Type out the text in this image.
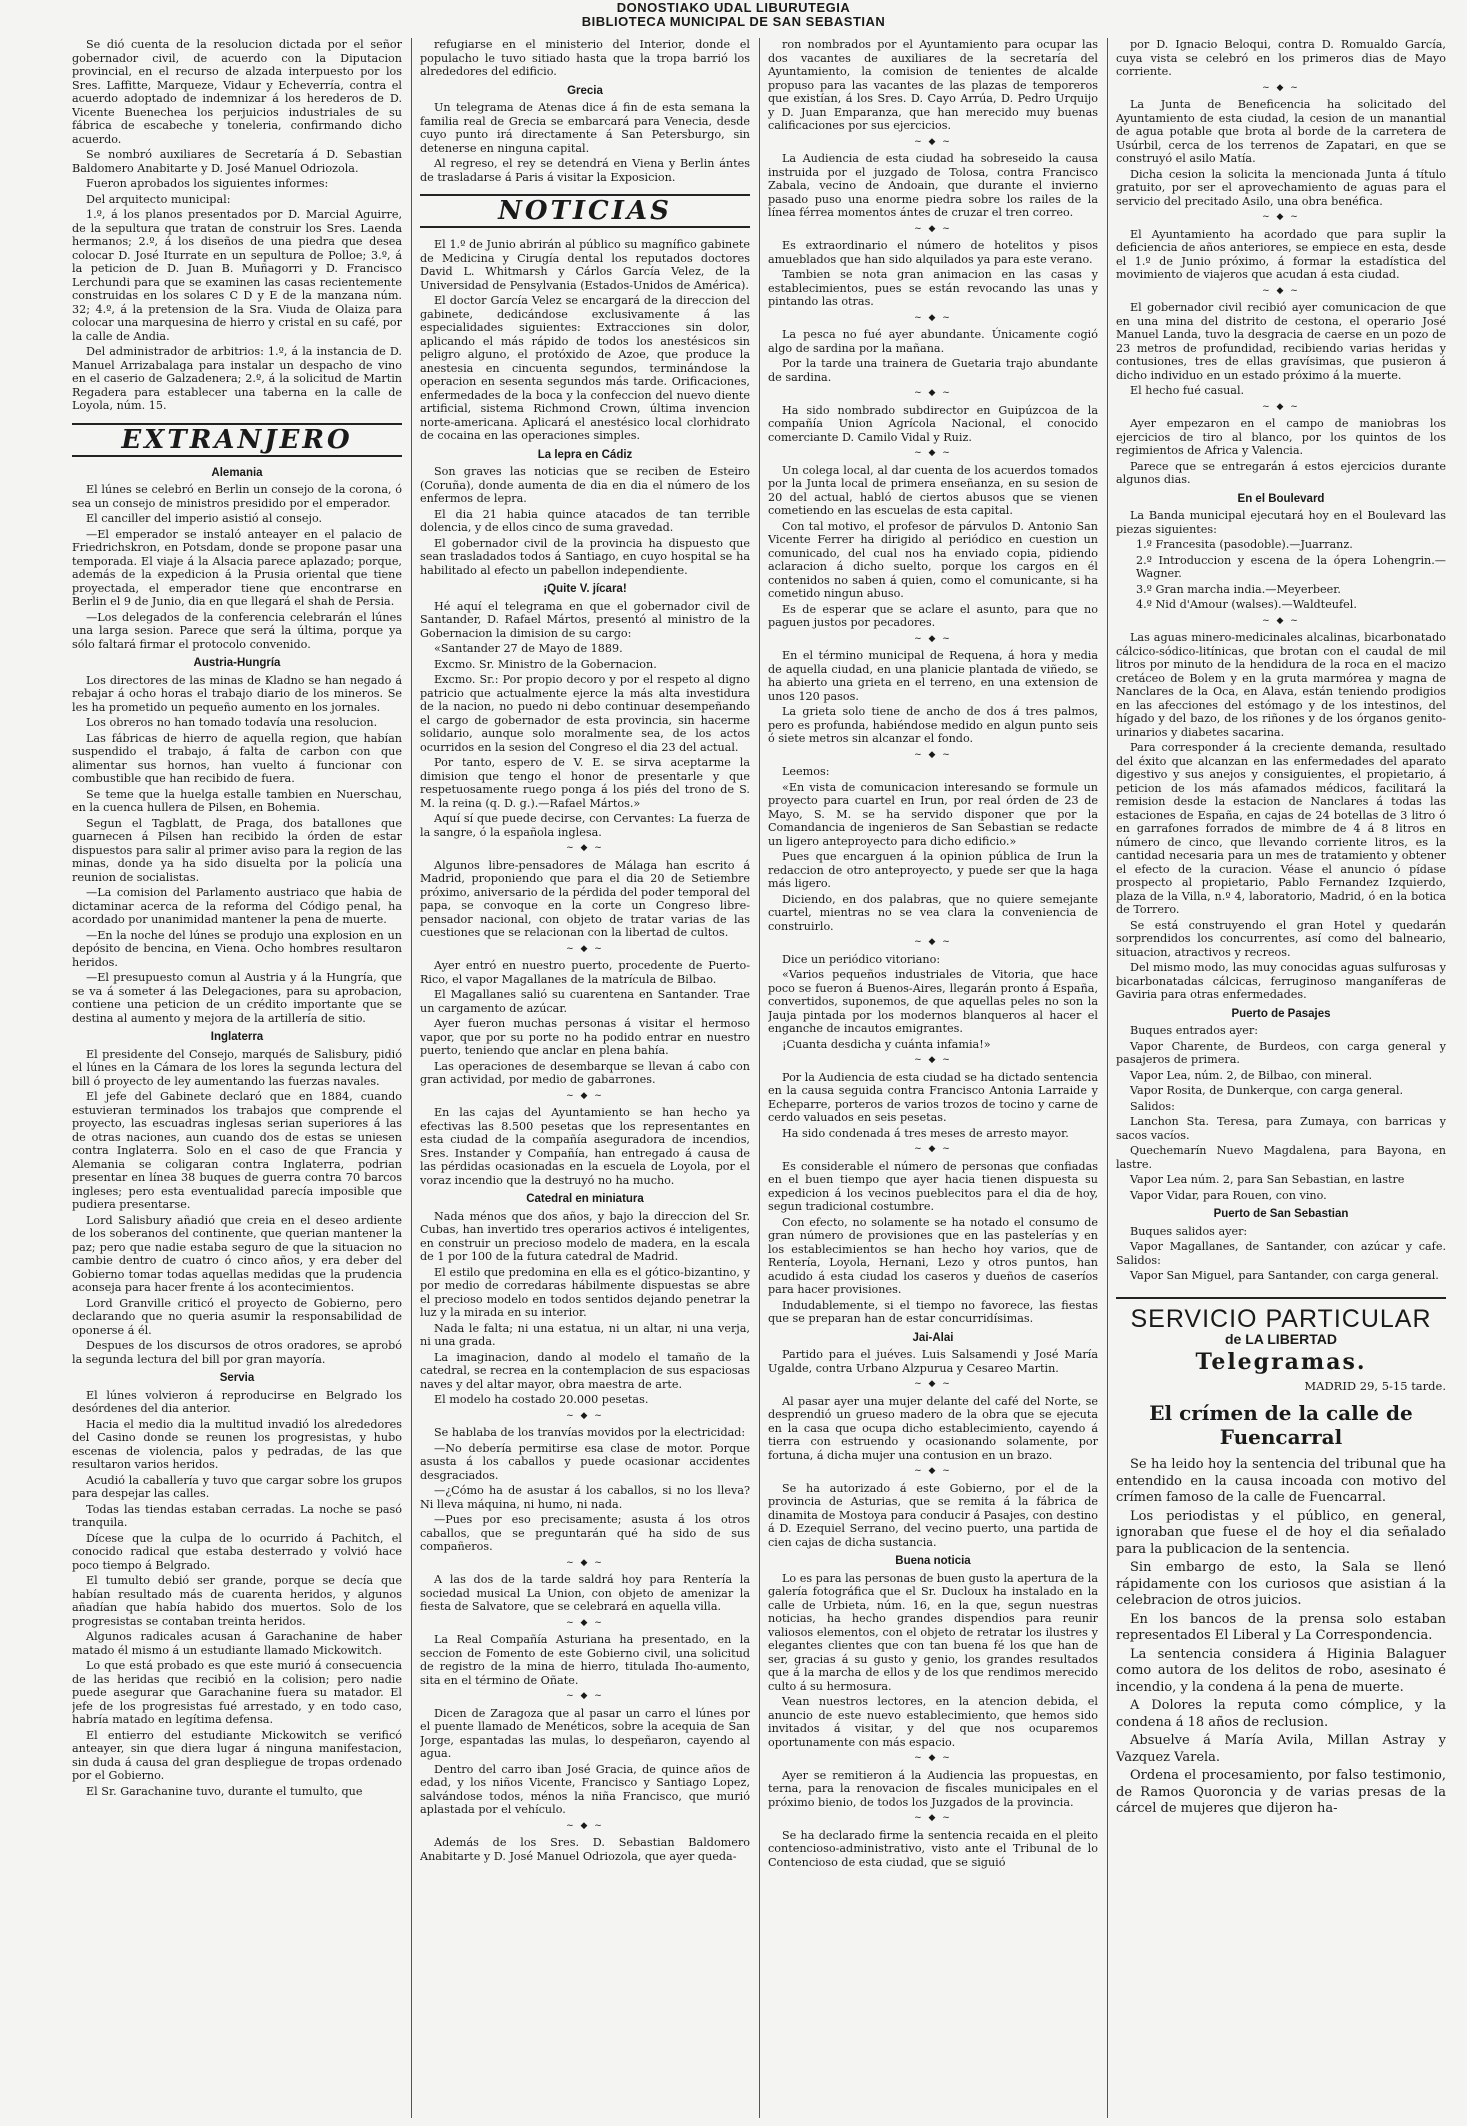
DONOSTIAKO UDAL LIBURUTEGIA
BIBLIOTECA MUNICIPAL DE SAN SEBASTIAN

Se dió cuenta de la resolucion dictada por el señor gobernador civil, de acuerdo con la Diputacion provincial, en el recurso de alzada interpuesto por los Sres. Laffitte, Marqueze, Vidaur y Echeverría, contra el acuerdo adoptado de indemnizar á los herederos de D. Vicente Buenechea los perjuicios industriales de su fábrica de escabeche y toneleria, confirmando dicho acuerdo.

Se nombró auxiliares de Secretaría á D. Sebastian Baldomero Anabitarte y D. José Manuel Odriozola.

Fueron aprobados los siguientes informes:

Del arquitecto municipal:

1.º, á los planos presentados por D. Marcial Aguirre, de la sepultura que tratan de construir los Sres. Laenda hermanos; 2.º, á los diseños de una piedra que desea colocar D. José Iturrate en un sepultura de Polloe; 3.º, á la peticion de D. Juan B. Muñagorri y D. Francisco Lerchundi para que se examinen las casas recientemente construidas en los solares C D y E de la manzana núm. 32; 4.º, á la pretension de la Sra. Viuda de Olaiza para colocar una marquesina de hierro y cristal en su café, por la calle de Andia.

Del administrador de arbitrios: 1.º, á la instancia de D. Manuel Arrizabalaga para instalar un despacho de vino en el caserio de Galzadenera; 2.º, á la solicitud de Martin Regadera para establecer una taberna en la calle de Loyola, núm. 15.

EXTRANJERO
Alemania

El lúnes se celebró en Berlin un consejo de la corona, ó sea un consejo de ministros presidido por el emperador.

El canciller del imperio asistió al consejo.

—El emperador se instaló anteayer en el palacio de Friedrichskron, en Potsdam, donde se propone pasar una temporada. El viaje á la Alsacia parece aplazado; porque, además de la expedicion á la Prusia oriental que tiene proyectada, el emperador tiene que encontrarse en Berlin el 9 de Junio, dia en que llegará el shah de Persia.

—Los delegados de la conferencia celebrarán el lúnes una larga sesion. Parece que será la última, porque ya sólo faltará firmar el protocolo convenido.

Austria-Hungría

Los directores de las minas de Kladno se han negado á rebajar á ocho horas el trabajo diario de los mineros. Se les ha prometido un pequeño aumento en los jornales.

Los obreros no han tomado todavía una resolucion.

Las fábricas de hierro de aquella region, que habían suspendido el trabajo, á falta de carbon con que alimentar sus hornos, han vuelto á funcionar con combustible que han recibido de fuera.

Se teme que la huelga estalle tambien en Nuerschau, en la cuenca hullera de Pilsen, en Bohemia.

Segun el Tagblatt, de Praga, dos batallones que guarnecen á Pilsen han recibido la órden de estar dispuestos para salir al primer aviso para la region de las minas, donde ya ha sido disuelta por la policía una reunion de socialistas.

—La comision del Parlamento austriaco que habia de dictaminar acerca de la reforma del Código penal, ha acordado por unanimidad mantener la pena de muerte.

—En la noche del lúnes se produjo una explosion en un depósito de bencina, en Viena. Ocho hombres resultaron heridos.

—El presupuesto comun al Austria y á la Hungría, que se va á someter á las Delegaciones, para su aprobacion, contiene una peticion de un crédito importante que se destina al aumento y mejora de la artillería de sitio.

Inglaterra

El presidente del Consejo, marqués de Salisbury, pidió el lúnes en la Cámara de los lores la segunda lectura del bill ó proyecto de ley aumentando las fuerzas navales.

El jefe del Gabinete declaró que en 1884, cuando estuvieran terminados los trabajos que comprende el proyecto, las escuadras inglesas serian superiores á las de otras naciones, aun cuando dos de estas se uniesen contra Inglaterra. Solo en el caso de que Francia y Alemania se coligaran contra Inglaterra, podrian presentar en línea 38 buques de guerra contra 70 barcos ingleses; pero esta eventualidad parecía imposible que pudiera presentarse.

Lord Salisbury añadió que creia en el deseo ardiente de los soberanos del continente, que querian mantener la paz; pero que nadie estaba seguro de que la situacion no cambie dentro de cuatro ó cinco años, y era deber del Gobierno tomar todas aquellas medidas que la prudencia aconseja para hacer frente á los acontecimientos.

Lord Granville criticó el proyecto de Gobierno, pero declarando que no queria asumir la responsabilidad de oponerse á él.

Despues de los discursos de otros oradores, se aprobó la segunda lectura del bill por gran mayoría.

Servia

El lúnes volvieron á reproducirse en Belgrado los desórdenes del dia anterior.

Hacia el medio dia la multitud invadió los alrededores del Casino donde se reunen los progresistas, y hubo escenas de violencia, palos y pedradas, de las que resultaron varios heridos.

Acudió la caballería y tuvo que cargar sobre los grupos para despejar las calles.

Todas las tiendas estaban cerradas. La noche se pasó tranquila.

Dícese que la culpa de lo ocurrido á Pachitch, el conocido radical que estaba desterrado y volvió hace poco tiempo á Belgrado.

El tumulto debió ser grande, porque se decía que habían resultado más de cuarenta heridos, y algunos añadían que había habido dos muertos. Solo de los progresistas se contaban treinta heridos.

Algunos radicales acusan á Garachanine de haber matado él mismo á un estudiante llamado Mickowitch.

Lo que está probado es que este murió á consecuencia de las heridas que recibió en la colision; pero nadie puede asegurar que Garachanine fuera su matador. El jefe de los progresistas fué arrestado, y en todo caso, habría matado en legítima defensa.

El entierro del estudiante Mickowitch se verificó anteayer, sin que diera lugar á ninguna manifestacion, sin duda á causa del gran despliegue de tropas ordenado por el Gobierno.

El Sr. Garachanine tuvo, durante el tumulto, que

refugiarse en el ministerio del Interior, donde el populacho le tuvo sitiado hasta que la tropa barrió los alrededores del edificio.

Grecia

Un telegrama de Atenas dice á fin de esta semana la familia real de Grecia se embarcará para Venecia, desde cuyo punto irá directamente á San Petersburgo, sin detenerse en ninguna capital.

Al regreso, el rey se detendrá en Viena y Berlin ántes de trasladarse á Paris á visitar la Exposicion.

NOTICIAS

El 1.º de Junio abrirán al público su magnífico gabinete de Medicina y Cirugía dental los reputados doctores David L. Whitmarsh y Cárlos García Velez, de la Universidad de Pensylvania (Estados-Unidos de América).

El doctor García Velez se encargará de la direccion del gabinete, dedicándose exclusivamente á las especialidades siguientes: Extracciones sin dolor, aplicando el más rápido de todos los anestésicos sin peligro alguno, el protóxido de Azoe, que produce la anestesia en cincuenta segundos, terminándose la operacion en sesenta segundos más tarde. Orificaciones, enfermedades de la boca y la confeccion del nuevo diente artificial, sistema Richmond Crown, última invencion norte-americana. Aplicará el anestésico local clorhidrato de cocaina en las operaciones simples.

La lepra en Cádiz

Son graves las noticias que se reciben de Esteiro (Coruña), donde aumenta de dia en dia el número de los enfermos de lepra.

El dia 21 habia quince atacados de tan terrible dolencia, y de ellos cinco de suma gravedad.

El gobernador civil de la provincia ha dispuesto que sean trasladados todos á Santiago, en cuyo hospital se ha habilitado al efecto un pabellon independiente.

¡Quite V. jícara!

Hé aquí el telegrama en que el gobernador civil de Santander, D. Rafael Mártos, presentó al ministro de la Gobernacion la dimision de su cargo:

«Santander 27 de Mayo de 1889.

Excmo. Sr. Ministro de la Gobernacion.

Excmo. Sr.: Por propio decoro y por el respeto al digno patricio que actualmente ejerce la más alta investidura de la nacion, no puedo ni debo continuar desempeñando el cargo de gobernador de esta provincia, sin hacerme solidario, aunque solo moralmente sea, de los actos ocurridos en la sesion del Congreso el dia 23 del actual.

Por tanto, espero de V. E. se sirva aceptarme la dimision que tengo el honor de presentarle y que respetuosamente ruego ponga á los piés del trono de S. M. la reina (q. D. g.).—Rafael Mártos.»

Aquí sí que puede decirse, con Cervantes: La fuerza de la sangre, ó la española inglesa.

~ ◆ ~

Algunos libre-pensadores de Málaga han escrito á Madrid, proponiendo que para el dia 20 de Setiembre próximo, aniversario de la pérdida del poder temporal del papa, se convoque en la corte un Congreso libre-pensador nacional, con objeto de tratar varias de las cuestiones que se relacionan con la libertad de cultos.

~ ◆ ~

Ayer entró en nuestro puerto, procedente de Puerto-Rico, el vapor Magallanes de la matrícula de Bilbao.

El Magallanes salió su cuarentena en Santander. Trae un cargamento de azúcar.

Ayer fueron muchas personas á visitar el hermoso vapor, que por su porte no ha podido entrar en nuestro puerto, teniendo que anclar en plena bahía.

Las operaciones de desembarque se llevan á cabo con gran actividad, por medio de gabarrones.

~ ◆ ~

En las cajas del Ayuntamiento se han hecho ya efectivas las 8.500 pesetas que los representantes en esta ciudad de la compañía aseguradora de incendios, Sres. Instander y Compañía, han entregado á causa de las pérdidas ocasionadas en la escuela de Loyola, por el voraz incendio que la destruyó no ha mucho.

Catedral en miniatura

Nada ménos que dos años, y bajo la direccion del Sr. Cubas, han invertido tres operarios activos é inteligentes, en construir un precioso modelo de madera, en la escala de 1 por 100 de la futura catedral de Madrid.

El estilo que predomina en ella es el gótico-bizantino, y por medio de corredaras hábilmente dispuestas se abre el precioso modelo en todos sentidos dejando penetrar la luz y la mirada en su interior.

Nada le falta; ni una estatua, ni un altar, ni una verja, ni una grada.

La imaginacion, dando al modelo el tamaño de la catedral, se recrea en la contemplacion de sus espaciosas naves y del altar mayor, obra maestra de arte.

El modelo ha costado 20.000 pesetas.

~ ◆ ~

Se hablaba de los tranvías movidos por la electricidad:

—No debería permitirse esa clase de motor. Porque asusta á los caballos y puede ocasionar accidentes desgraciados.

—¿Cómo ha de asustar á los caballos, si no los lleva? Ni lleva máquina, ni humo, ni nada.

—Pues por eso precisamente; asusta á los otros caballos, que se preguntarán qué ha sido de sus compañeros.

~ ◆ ~

A las dos de la tarde saldrá hoy para Rentería la sociedad musical La Union, con objeto de amenizar la fiesta de Salvatore, que se celebrará en aquella villa.

~ ◆ ~

La Real Compañía Asturiana ha presentado, en la seccion de Fomento de este Gobierno civil, una solicitud de registro de la mina de hierro, titulada Iho-aumento, sita en el término de Oñate.

~ ◆ ~

Dicen de Zaragoza que al pasar un carro el lúnes por el puente llamado de Menéticos, sobre la acequia de San Jorge, espantadas las mulas, lo despeñaron, cayendo al agua.

Dentro del carro iban José Gracia, de quince años de edad, y los niños Vicente, Francisco y Santiago Lopez, salvándose todos, ménos la niña Francisco, que murió aplastada por el vehículo.

~ ◆ ~

Además de los Sres. D. Sebastian Baldomero Anabitarte y D. José Manuel Odriozola, que ayer queda-

ron nombrados por el Ayuntamiento para ocupar las dos vacantes de auxiliares de la secretaría del Ayuntamiento, la comision de tenientes de alcalde propuso para las vacantes de las plazas de temporeros que existían, á los Sres. D. Cayo Arrúa, D. Pedro Urquijo y D. Juan Emparanza, que han merecido muy buenas calificaciones por sus ejercicios.

~ ◆ ~

La Audiencia de esta ciudad ha sobreseido la causa instruida por el juzgado de Tolosa, contra Francisco Zabala, vecino de Andoain, que durante el invierno pasado puso una enorme piedra sobre los railes de la línea férrea momentos ántes de cruzar el tren correo.

~ ◆ ~

Es extraordinario el número de hotelitos y pisos amueblados que han sido alquilados ya para este verano.

Tambien se nota gran animacion en las casas y establecimientos, pues se están revocando las unas y pintando las otras.

~ ◆ ~

La pesca no fué ayer abundante. Únicamente cogió algo de sardina por la mañana.

Por la tarde una trainera de Guetaria trajo abundante de sardina.

~ ◆ ~

Ha sido nombrado subdirector en Guipúzcoa de la compañía Union Agrícola Nacional, el conocido comerciante D. Camilo Vidal y Ruiz.

~ ◆ ~

Un colega local, al dar cuenta de los acuerdos tomados por la Junta local de primera enseñanza, en su sesion de 20 del actual, habló de ciertos abusos que se vienen cometiendo en las escuelas de esta capital.

Con tal motivo, el profesor de párvulos D. Antonio San Vicente Ferrer ha dirigido al periódico en cuestion un comunicado, del cual nos ha enviado copia, pidiendo aclaracion á dicho suelto, porque los cargos en él contenidos no saben á quien, como el comunicante, si ha cometido ningun abuso.

Es de esperar que se aclare el asunto, para que no paguen justos por pecadores.

~ ◆ ~

En el término municipal de Requena, á hora y media de aquella ciudad, en una planicie plantada de viñedo, se ha abierto una grieta en el terreno, en una extension de unos 120 pasos.

La grieta solo tiene de ancho de dos á tres palmos, pero es profunda, habiéndose medido en algun punto seis ó siete metros sin alcanzar el fondo.

~ ◆ ~

Leemos:

«En vista de comunicacion interesando se formule un proyecto para cuartel en Irun, por real órden de 23 de Mayo, S. M. se ha servido disponer que por la Comandancia de ingenieros de San Sebastian se redacte un ligero anteproyecto para dicho edificio.»

Pues que encarguen á la opinion pública de Irun la redaccion de otro anteproyecto, y puede ser que la haga más ligero.

Diciendo, en dos palabras, que no quiere semejante cuartel, mientras no se vea clara la conveniencia de construirlo.

~ ◆ ~

Dice un periódico vitoriano:

«Varios pequeños industriales de Vitoria, que hace poco se fueron á Buenos-Aires, llegarán pronto á España, convertidos, suponemos, de que aquellas peles no son la Jauja pintada por los modernos blanqueros al hacer el enganche de incautos emigrantes.

¡Cuanta desdicha y cuánta infamia!»

~ ◆ ~

Por la Audiencia de esta ciudad se ha dictado sentencia en la causa seguida contra Francisco Antonia Larraide y Echeparre, porteros de varios trozos de tocino y carne de cerdo valuados en seis pesetas.

Ha sido condenada á tres meses de arresto mayor.

~ ◆ ~

Es considerable el número de personas que confiadas en el buen tiempo que ayer hacia tienen dispuesta su expedicion á los vecinos pueblecitos para el dia de hoy, segun tradicional costumbre.

Con efecto, no solamente se ha notado el consumo de gran número de provisiones que en las pastelerías y en los establecimientos se han hecho hoy varios, que de Rentería, Loyola, Hernani, Lezo y otros puntos, han acudido á esta ciudad los caseros y dueños de caseríos para hacer provisiones.

Indudablemente, si el tiempo no favorece, las fiestas que se preparan han de estar concurridísimas.

Jai-Alai

Partido para el juéves. Luis Salsamendi y José María Ugalde, contra Urbano Alzpurua y Cesareo Martin.

~ ◆ ~

Al pasar ayer una mujer delante del café del Norte, se desprendió un grueso madero de la obra que se ejecuta en la casa que ocupa dicho establecimiento, cayendo á tierra con estruendo y ocasionando solamente, por fortuna, á dicha mujer una contusion en un brazo.

~ ◆ ~

Se ha autorizado á este Gobierno, por el de la provincia de Asturias, que se remita á la fábrica de dinamita de Mostoya para conducir á Pasajes, con destino á D. Ezequiel Serrano, del vecino puerto, una partida de cien cajas de dicha sustancia.

Buena noticia

Lo es para las personas de buen gusto la apertura de la galería fotográfica que el Sr. Ducloux ha instalado en la calle de Urbieta, núm. 16, en la que, segun nuestras noticias, ha hecho grandes dispendios para reunir valiosos elementos, con el objeto de retratar los ilustres y elegantes clientes que con tan buena fé los que han de ser, gracias á su gusto y genio, los grandes resultados que á la marcha de ellos y de los que rendimos merecido culto á su hermosura.

Vean nuestros lectores, en la atencion debida, el anuncio de este nuevo establecimiento, que hemos sido invitados á visitar, y del que nos ocuparemos oportunamente con más espacio.

~ ◆ ~

Ayer se remitieron á la Audiencia las propuestas, en terna, para la renovacion de fiscales municipales en el próximo bienio, de todos los Juzgados de la provincia.

~ ◆ ~

Se ha declarado firme la sentencia recaida en el pleito contencioso-administrativo, visto ante el Tribunal de lo Contencioso de esta ciudad, que se siguió

por D. Ignacio Beloqui, contra D. Romualdo García, cuya vista se celebró en los primeros dias de Mayo corriente.

~ ◆ ~

La Junta de Beneficencia ha solicitado del Ayuntamiento de esta ciudad, la cesion de un manantial de agua potable que brota al borde de la carretera de Usúrbil, cerca de los terrenos de Zapatari, en que se construyó el asilo Matía.

Dicha cesion la solicita la mencionada Junta á título gratuito, por ser el aprovechamiento de aguas para el servicio del precitado Asilo, una obra benéfica.

~ ◆ ~

El Ayuntamiento ha acordado que para suplir la deficiencia de años anteriores, se empiece en esta, desde el 1.º de Junio próximo, á formar la estadística del movimiento de viajeros que acudan á esta ciudad.

~ ◆ ~

El gobernador civil recibió ayer comunicacion de que en una mina del distrito de cestona, el operario José Manuel Landa, tuvo la desgracia de caerse en un pozo de 23 metros de profundidad, recibiendo varias heridas y contusiones, tres de ellas gravísimas, que pusieron á dicho individuo en un estado próximo á la muerte.

El hecho fué casual.

~ ◆ ~

Ayer empezaron en el campo de maniobras los ejercicios de tiro al blanco, por los quintos de los regimientos de Africa y Valencia.

Parece que se entregarán á estos ejercicios durante algunos dias.

En el Boulevard

La Banda municipal ejecutará hoy en el Boulevard las piezas siguientes:

1.º Francesita (pasodoble).—Juarranz.

2.º Introduccion y escena de la ópera Lohengrin.—Wagner.

3.º Gran marcha india.—Meyerbeer.

4.º Nid d'Amour (walses).—Waldteufel.

~ ◆ ~

Las aguas minero-medicinales alcalinas, bicarbonatado cálcico-sódico-litínicas, que brotan con el caudal de mil litros por minuto de la hendidura de la roca en el macizo cretáceo de Bolem y en la gruta marmórea y magna de Nanclares de la Oca, en Alava, están teniendo prodigios en las afecciones del estómago y de los intestinos, del hígado y del bazo, de los riñones y de los órganos genito-urinarios y diabetes sacarina.

Para corresponder á la creciente demanda, resultado del éxito que alcanzan en las enfermedades del aparato digestivo y sus anejos y consiguientes, el propietario, á peticion de los más afamados médicos, facilitará la remision desde la estacion de Nanclares á todas las estaciones de España, en cajas de 24 botellas de 3 litro ó en garrafones forrados de mimbre de 4 á 8 litros en número de cinco, que llevando corriente litros, es la cantidad necesaria para un mes de tratamiento y obtener el efecto de la curacion. Véase el anuncio ó pídase prospecto al propietario, Pablo Fernandez Izquierdo, plaza de la Villa, n.º 4, laboratorio, Madrid, ó en la botica de Torrero.

Se está construyendo el gran Hotel y quedarán sorprendidos los concurrentes, así como del balneario, situacion, atractivos y recreos.

Del mismo modo, las muy conocidas aguas sulfurosas y bicarbonatadas cálcicas, ferruginoso manganíferas de Gaviria para otras enfermedades.

Puerto de Pasajes

Buques entrados ayer:

Vapor Charente, de Burdeos, con carga general y pasajeros de primera.

Vapor Lea, núm. 2, de Bilbao, con mineral.

Vapor Rosita, de Dunkerque, con carga general.

Salidos:

Lanchon Sta. Teresa, para Zumaya, con barricas y sacos vacíos.

Quechemarín Nuevo Magdalena, para Bayona, en lastre.

Vapor Lea núm. 2, para San Sebastian, en lastre

Vapor Vidar, para Rouen, con vino.

Puerto de San Sebastian

Buques salidos ayer:

Vapor Magallanes, de Santander, con azúcar y cafe. Salidos:

Vapor San Miguel, para Santander, con carga general.

SERVICIO PARTICULAR
de LA LIBERTAD
Telegramas.
MADRID 29, 5-15 tarde.
El crímen de la calle de Fuencarral

Se ha leido hoy la sentencia del tribunal que ha entendido en la causa incoada con motivo del crímen famoso de la calle de Fuencarral.

Los periodistas y el público, en general, ignoraban que fuese el de hoy el dia señalado para la publicacion de la sentencia.

Sin embargo de esto, la Sala se llenó rápidamente con los curiosos que asistian á la celebracion de otros juicios.

En los bancos de la prensa solo estaban representados El Liberal y La Correspondencia.

La sentencia considera á Higinia Balaguer como autora de los delitos de robo, asesinato é incendio, y la condena á la pena de muerte.

A Dolores la reputa como cómplice, y la condena á 18 años de reclusion.

Absuelve á María Avila, Millan Astray y Vazquez Varela.

Ordena el procesamiento, por falso testimonio, de Ramos Quoroncia y de varias presas de la cárcel de mujeres que dijeron ha-
